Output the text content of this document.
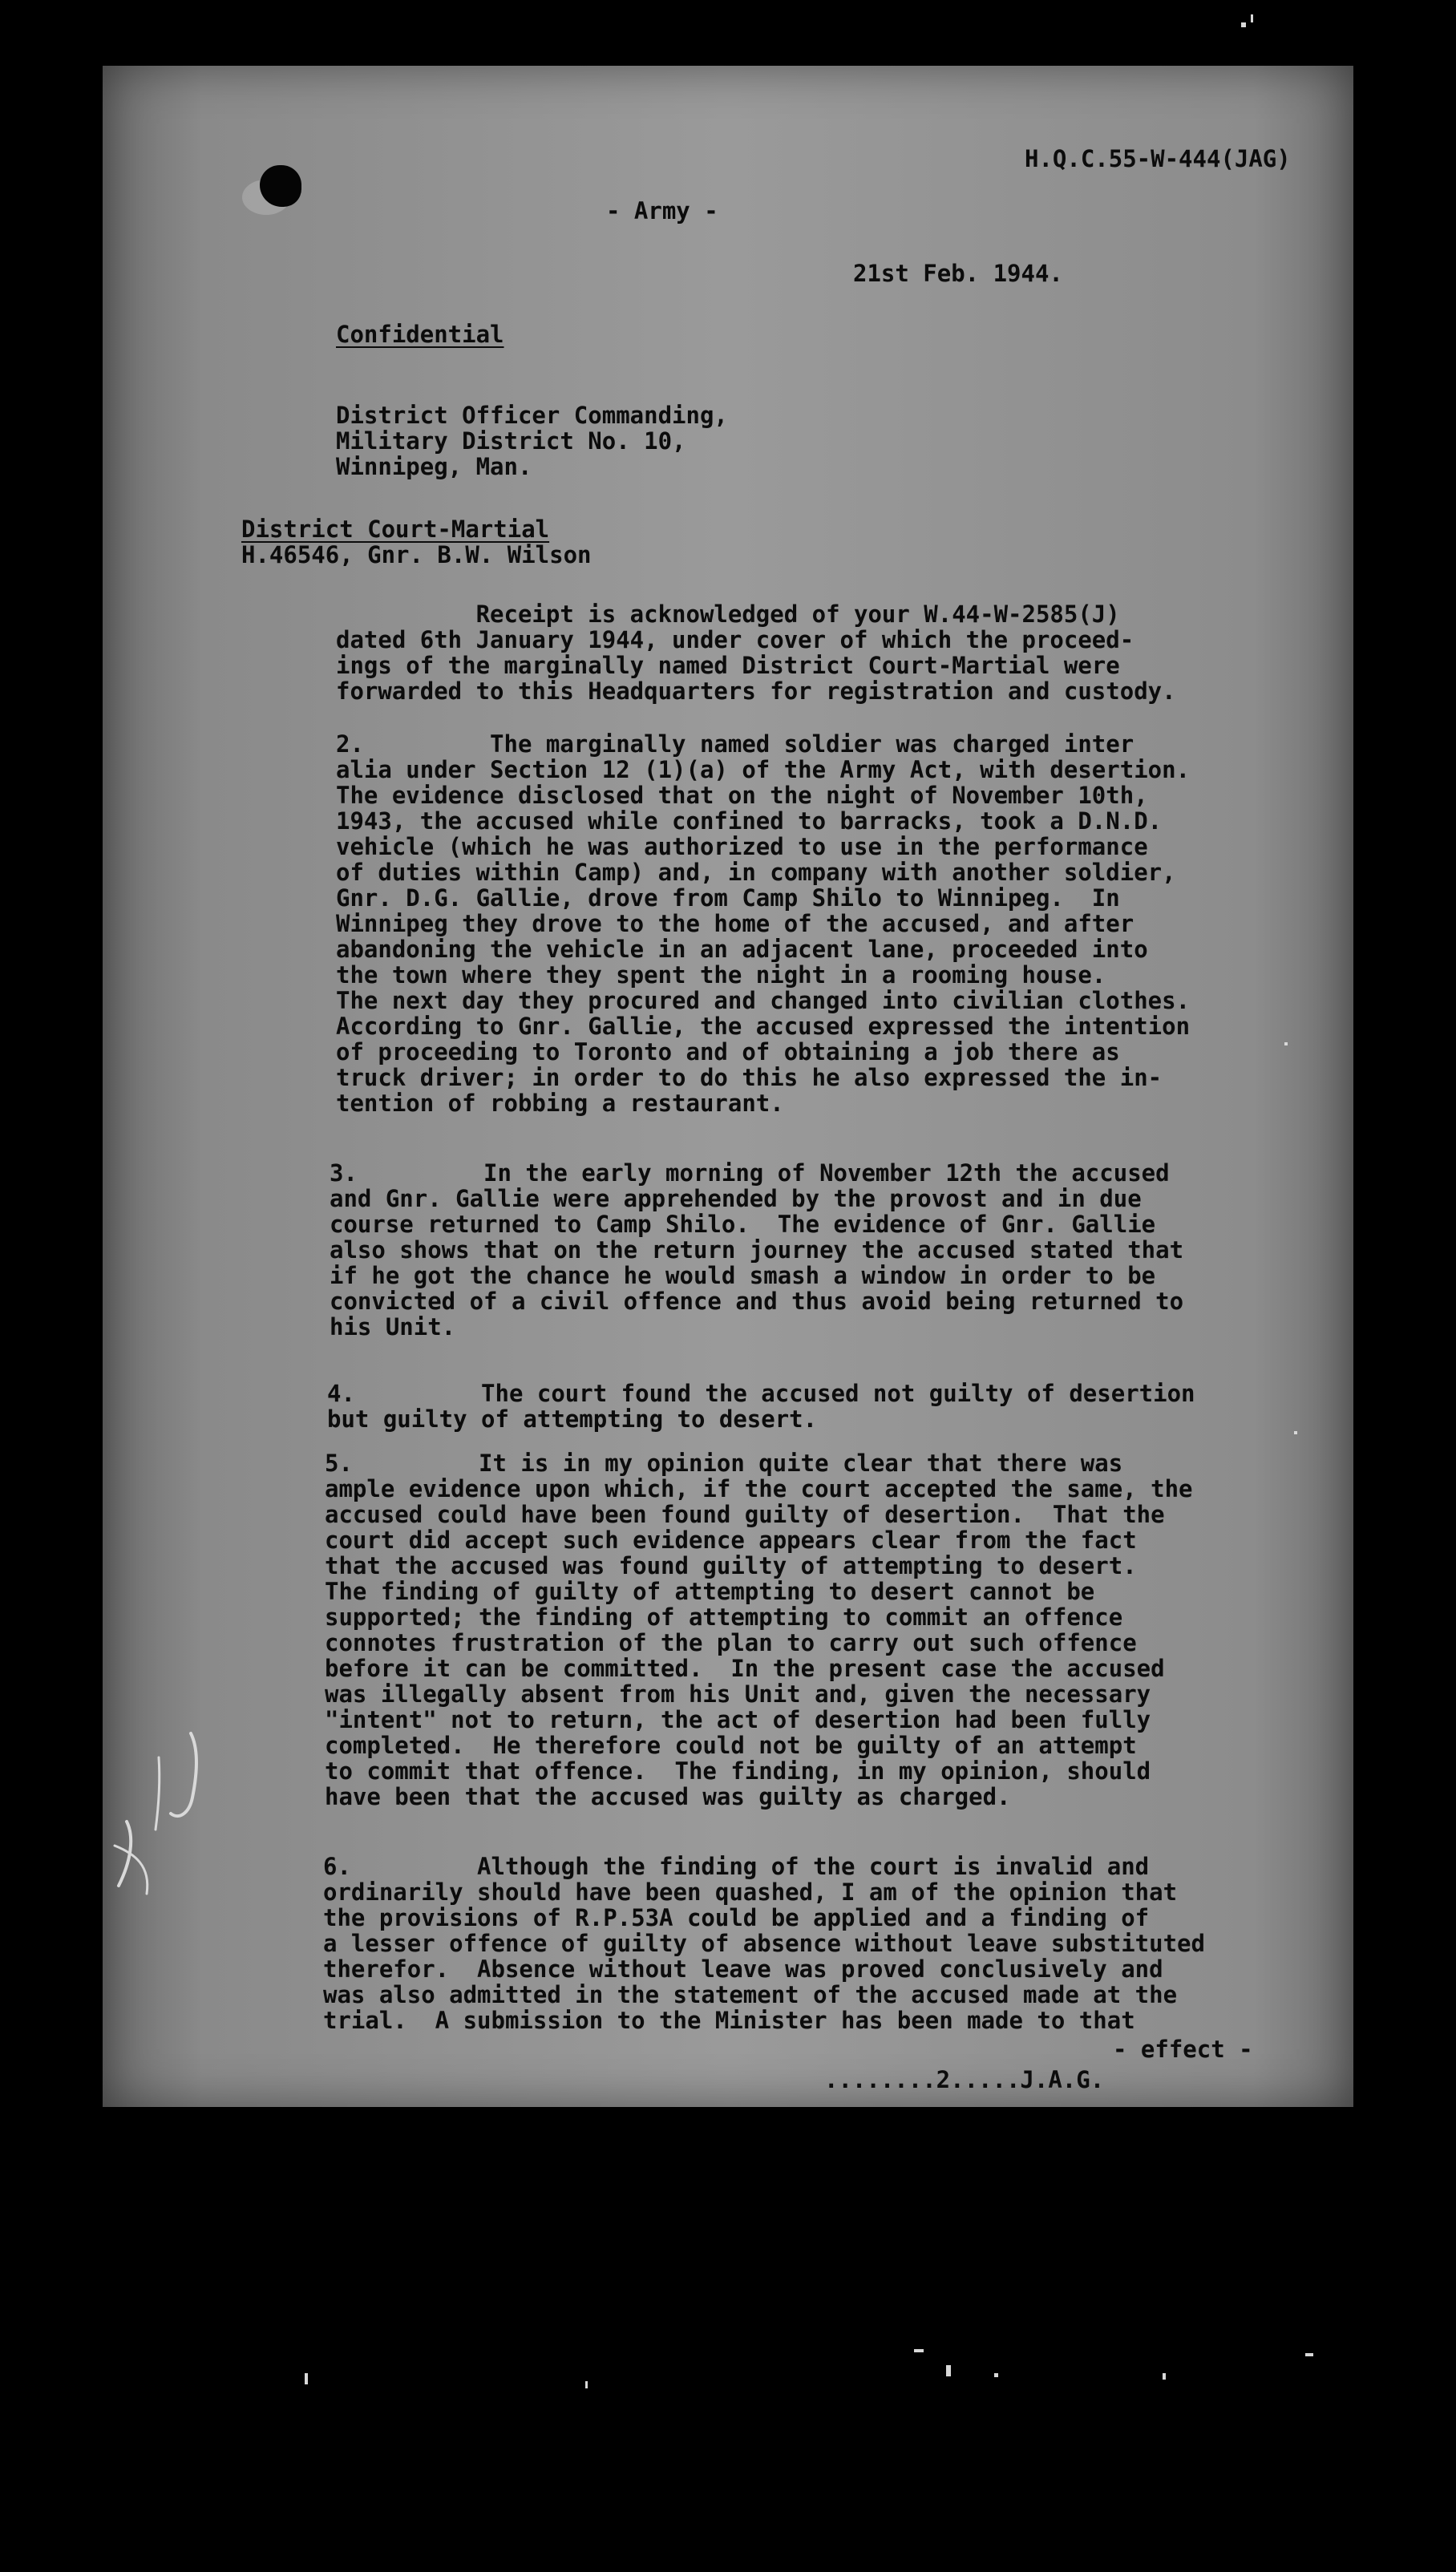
H.Q.C.55-W-444(JAG)
- Army -
21st Feb. 1944.
Confidential
District Officer Commanding,
Military District No. 10,
Winnipeg, Man.
District Court-Martial
H.46546, Gnr. B.W. Wilson
Receipt is acknowledged of your W.44-W-2585(J)
dated 6th January 1944, under cover of which the proceed-
ings of the marginally named District Court-Martial were
forwarded to this Headquarters for registration and custody.
2.         The marginally named soldier was charged inter
alia under Section 12 (1)(a) of the Army Act, with desertion.
The evidence disclosed that on the night of November 10th,
1943, the accused while confined to barracks, took a D.N.D.
vehicle (which he was authorized to use in the performance
of duties within Camp) and, in company with another soldier,
Gnr. D.G. Gallie, drove from Camp Shilo to Winnipeg.  In
Winnipeg they drove to the home of the accused, and after
abandoning the vehicle in an adjacent lane, proceeded into
the town where they spent the night in a rooming house.
The next day they procured and changed into civilian clothes.
According to Gnr. Gallie, the accused expressed the intention
of proceeding to Toronto and of obtaining a job there as
truck driver; in order to do this he also expressed the in-
tention of robbing a restaurant.
3.         In the early morning of November 12th the accused
and Gnr. Gallie were apprehended by the provost and in due
course returned to Camp Shilo.  The evidence of Gnr. Gallie
also shows that on the return journey the accused stated that
if he got the chance he would smash a window in order to be
convicted of a civil offence and thus avoid being returned to
his Unit.
4.         The court found the accused not guilty of desertion
but guilty of attempting to desert.
5.         It is in my opinion quite clear that there was
ample evidence upon which, if the court accepted the same, the
accused could have been found guilty of desertion.  That the
court did accept such evidence appears clear from the fact
that the accused was found guilty of attempting to desert.
The finding of guilty of attempting to desert cannot be
supported; the finding of attempting to commit an offence
connotes frustration of the plan to carry out such offence
before it can be committed.  In the present case the accused
was illegally absent from his Unit and, given the necessary
"intent" not to return, the act of desertion had been fully
completed.  He therefore could not be guilty of an attempt
to commit that offence.  The finding, in my opinion, should
have been that the accused was guilty as charged.
6.         Although the finding of the court is invalid and
ordinarily should have been quashed, I am of the opinion that
the provisions of R.P.53A could be applied and a finding of
a lesser offence of guilty of absence without leave substituted
therefor.  Absence without leave was proved conclusively and
was also admitted in the statement of the accused made at the
trial.  A submission to the Minister has been made to that
- effect -
........2.....J.A.G.
